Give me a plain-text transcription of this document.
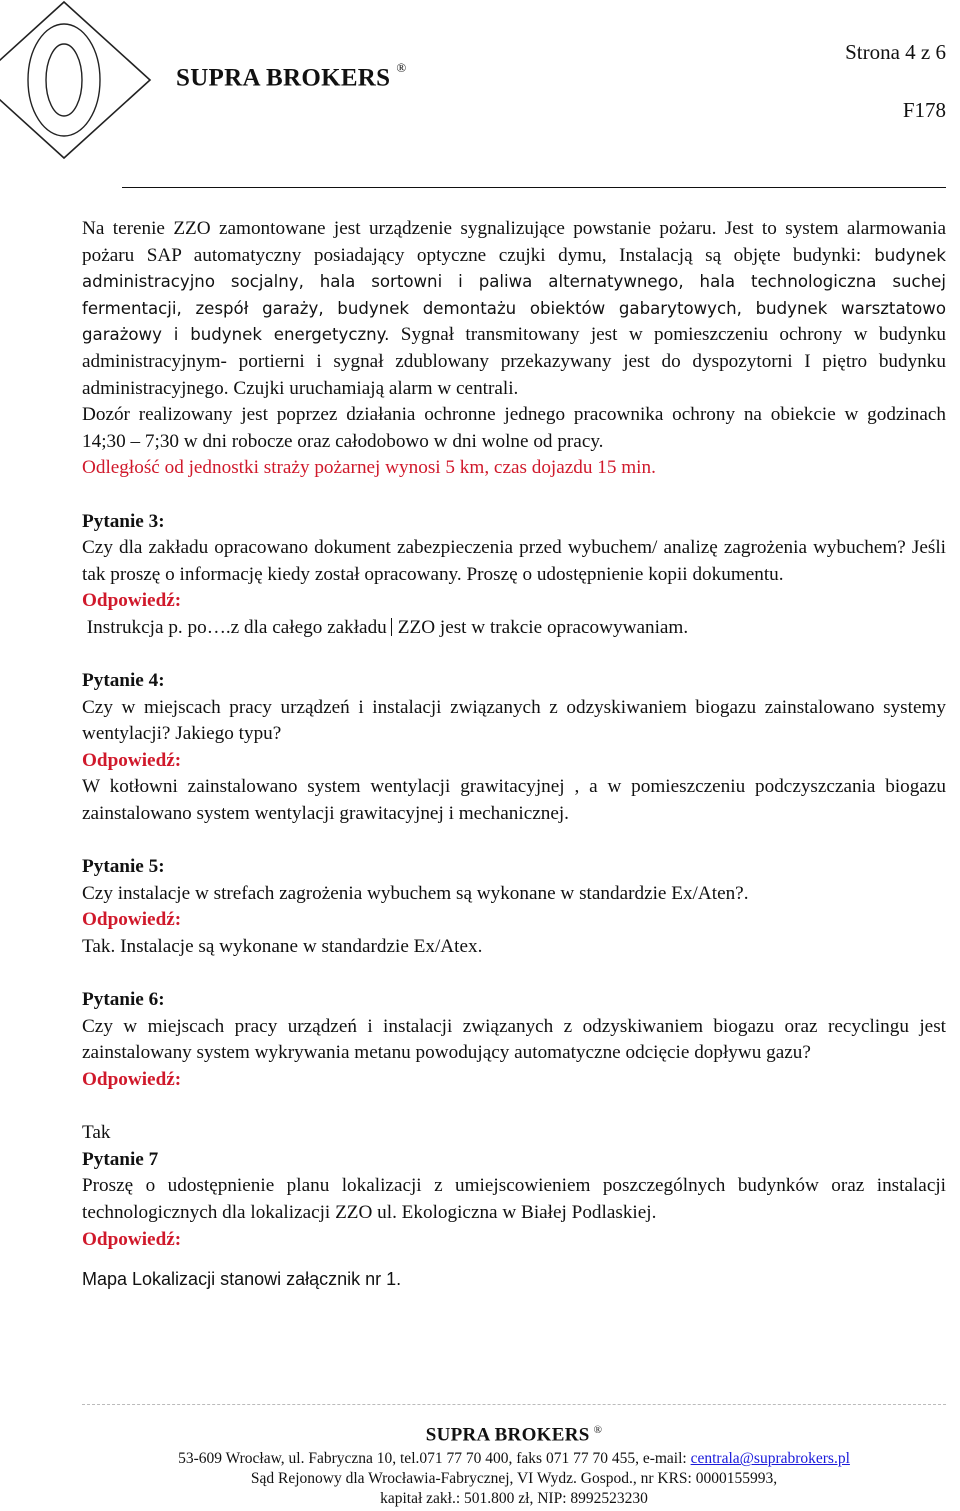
SUPRA BROKERS ®
Strona 4 z 6
F178

Na terenie ZZO zamontowane jest urządzenie sygnalizujące powstanie pożaru. Jest to system alarmowania pożaru SAP automatyczny posiadający optyczne czujki dymu, Instalacją są objęte budynki: budynek administracyjno socjalny, hala sortowni i paliwa alternatywnego, hala technologiczna suchej fermentacji, zespół garaży, budynek demontażu obiektów gabarytowych, budynek warsztatowo garażowy i budynek energetyczny. Sygnał transmitowany jest w pomieszczeniu ochrony w budynku administracyjnym- portierni i sygnał zdublowany przekazywany jest do dyspozytorni I piętro budynku administracyjnego. Czujki uruchamiają alarm w centrali.

Dozór realizowany jest poprzez działania ochronne jednego pracownika ochrony na obiekcie w godzinach 14;30 – 7;30 w dni robocze oraz całodobowo w dni wolne od pracy.

Odległość od jednostki straży pożarnej wynosi 5 km, czas dojazdu 15 min.

Pytanie 3:

Czy dla zakładu opracowano dokument zabezpieczenia przed wybuchem/ analizę zagrożenia wybuchem? Jeśli tak proszę o informację kiedy został opracowany. Proszę o udostępnienie kopii dokumentu.

Odpowiedź:

Instrukcja p. po….z dla całego zakładu ZZO jest w trakcie opracowywaniam.

Pytanie 4:

Czy w miejscach pracy urządzeń i instalacji związanych z odzyskiwaniem biogazu zainstalowano systemy wentylacji? Jakiego typu?

Odpowiedź:

W kotłowni zainstalowano system wentylacji grawitacyjnej , a w pomieszczeniu podczyszczania biogazu zainstalowano system wentylacji grawitacyjnej i mechanicznej.

Pytanie 5:

Czy instalacje w strefach zagrożenia wybuchem są wykonane w standardzie Ex/Aten?.

Odpowiedź:

Tak. Instalacje są wykonane w standardzie Ex/Atex.

Pytanie 6:

Czy w miejscach pracy urządzeń i instalacji związanych z odzyskiwaniem biogazu oraz recyclingu jest zainstalowany system wykrywania metanu powodujący automatyczne odcięcie dopływu gazu?

Odpowiedź:

Tak

Pytanie 7

Proszę o udostępnienie planu lokalizacji z umiejscowieniem poszczególnych budynków oraz instalacji technologicznych dla lokalizacji ZZO ul. Ekologiczna w Białej Podlaskiej.

Odpowiedź:

Mapa Lokalizacji stanowi załącznik nr 1.

SUPRA BROKERS ®
53-609 Wrocław, ul. Fabryczna 10, tel.071 77 70 400, faks 071 77 70 455, e-mail: centrala@suprabrokers.pl
Sąd Rejonowy dla Wrocławia-Fabrycznej, VI Wydz. Gospod., nr KRS: 0000155993,
kapitał zakł.: 501.800 zł, NIP: 8992523230
